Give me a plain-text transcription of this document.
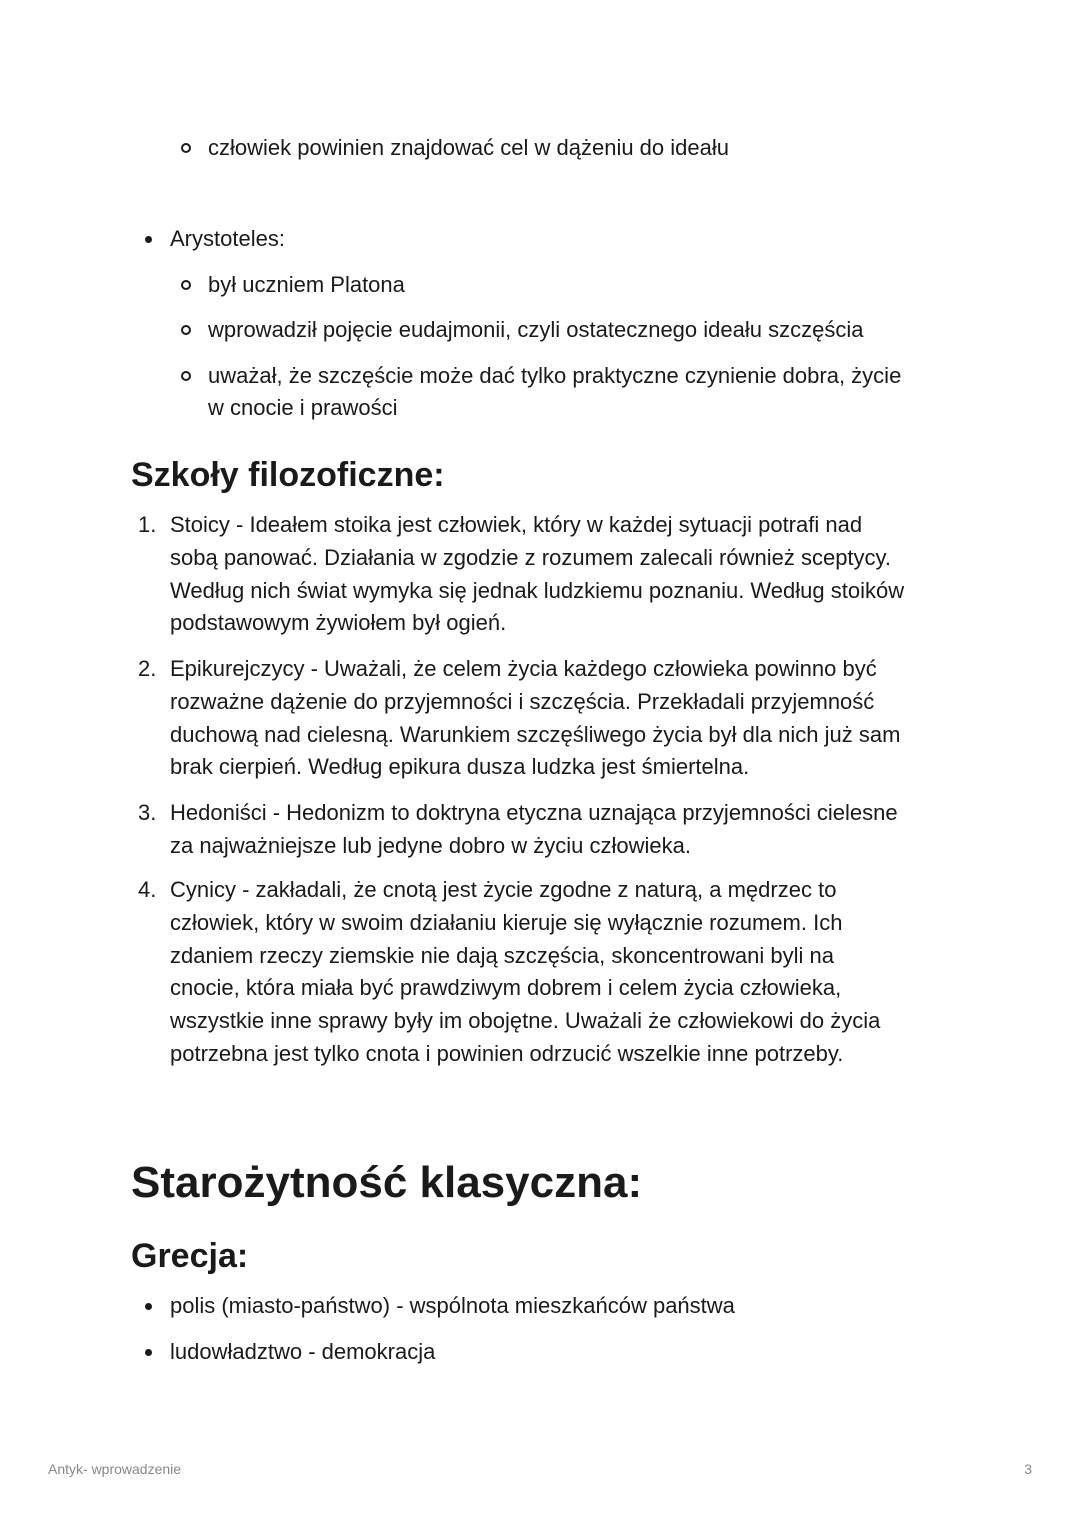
człowiek powinien znajdować cel w dążeniu do ideału
Arystoteles:
był uczniem Platona
wprowadził pojęcie eudajmonii, czyli ostatecznego ideału szczęścia
uważał, że szczęście może dać tylko praktyczne czynienie dobra, życie
w cnocie i prawości
Szkoły filozoficzne:
1. Stoicy - Ideałem stoika jest człowiek, który w każdej sytuacji potrafi nad
sobą panować. Działania w zgodzie z rozumem zalecali również sceptycy.
Według nich świat wymyka się jednak ludzkiemu poznaniu. Według stoików
podstawowym żywiołem był ogień.
2. Epikurejczycy - Uważali, że celem życia każdego człowieka powinno być
rozważne dążenie do przyjemności i szczęścia. Przekładali przyjemność
duchową nad cielesną. Warunkiem szczęśliwego życia był dla nich już sam
brak cierpień. Według epikura dusza ludzka jest śmiertelna.
3. Hedoniści - Hedonizm to doktryna etyczna uznająca przyjemności cielesne
za najważniejsze lub jedyne dobro w życiu człowieka.
4. Cynicy - zakładali, że cnotą jest życie zgodne z naturą, a mędrzec to
człowiek, który w swoim działaniu kieruje się wyłącznie rozumem. Ich
zdaniem rzeczy ziemskie nie dają szczęścia, skoncentrowani byli na
cnocie, która miała być prawdziwym dobrem i celem życia człowieka,
wszystkie inne sprawy były im obojętne. Uważali że człowiekowi do życia
potrzebna jest tylko cnota i powinien odrzucić wszelkie inne potrzeby.
Starożytność klasyczna:
Grecja:
polis (miasto-państwo) - wspólnota mieszkańców państwa
ludowładztwo - demokracja
Antyk- wprowadzenie	3
